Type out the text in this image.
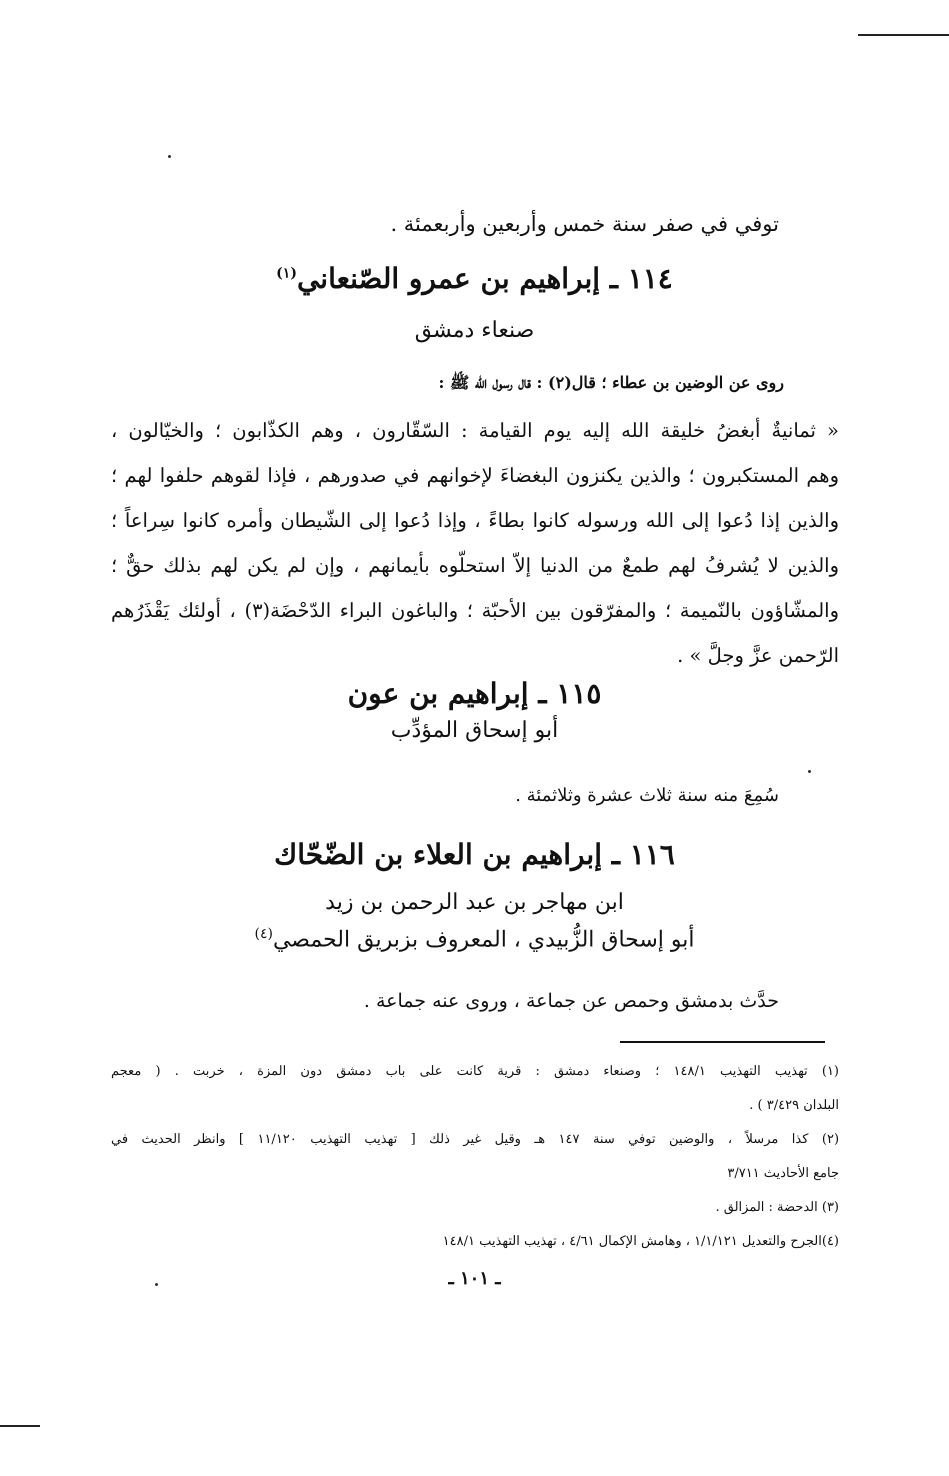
توفي في صفر سنة خمس وأربعين وأربعمئة .
١١٤ ـ إبراهيم بن عمرو الصّنعاني$^{(١)}$
صنعاء دمشق
روى عن الوضين بن عطاء ؛ قال(٢) : قال رسول الله ﷺ :
« ثمانيةٌ أبغضُ خليقة الله إليه يوم القيامة : السّقّارون ، وهم الكذّابون ؛ والخيّالون ،
وهم المستكبرون ؛ والذين يكنزون البغضاءَ لإخوانهم في صدورهم ، فإذا لقوهم حلفوا لهم ؛
والذين إذا دُعوا إلى الله ورسوله كانوا بطاءً ، وإذا دُعوا إلى الشّيطان وأمره كانوا سِراعاً ؛
والذين لا يُشرفُ لهم طمعٌ من الدنيا إلاّ استحلّوه بأيمانهم ، وإن لم يكن لهم بذلك حقٌّ ؛
والمشّاؤون بالنّميمة ؛ والمفرّقون بين الأحبّة ؛ والباغون البراء الدّحْضَة(٣) ، أولئك يَقْذَرُهم
الرّحمن عزَّ وجلَّ » .
١١٥ ـ إبراهيم بن عون
أبو إسحاق المؤدِّب
سُمِعَ منه سنة ثلاث عشرة وثلاثمئة .
١١٦ ـ إبراهيم بن العلاء بن الضّحّاك
ابن مهاجر بن عبد الرحمن بن زيد
أبو إسحاق الزُّبيدي ، المعروف بزبريق الحمصي$^{(٤)}$
حدَّث بدمشق وحمص عن جماعة ، وروى عنه جماعة .
(١) تهذيب التهذيب ١٤٨/١ ؛ وصنعاء دمشق : قرية كانت على باب دمشق دون المزة ، خربت . ( معجم
البلدان ٣/٤٢٩ ) .
(٢) كذا مرسلاً ، والوضين توفي سنة ١٤٧ هـ وقيل غير ذلك [ تهذيب التهذيب ١١/١٢٠ ] وانظر الحديث في
جامع الأحاديث ٣/٧١١
(٣) الدحضة : المزالق .
(٤)الجرح والتعديل ١/١/١٢١ ، وهامش الإكمال ٤/٦١ ، تهذيب التهذيب ١٤٨/١
ـ ١٠١ ـ
